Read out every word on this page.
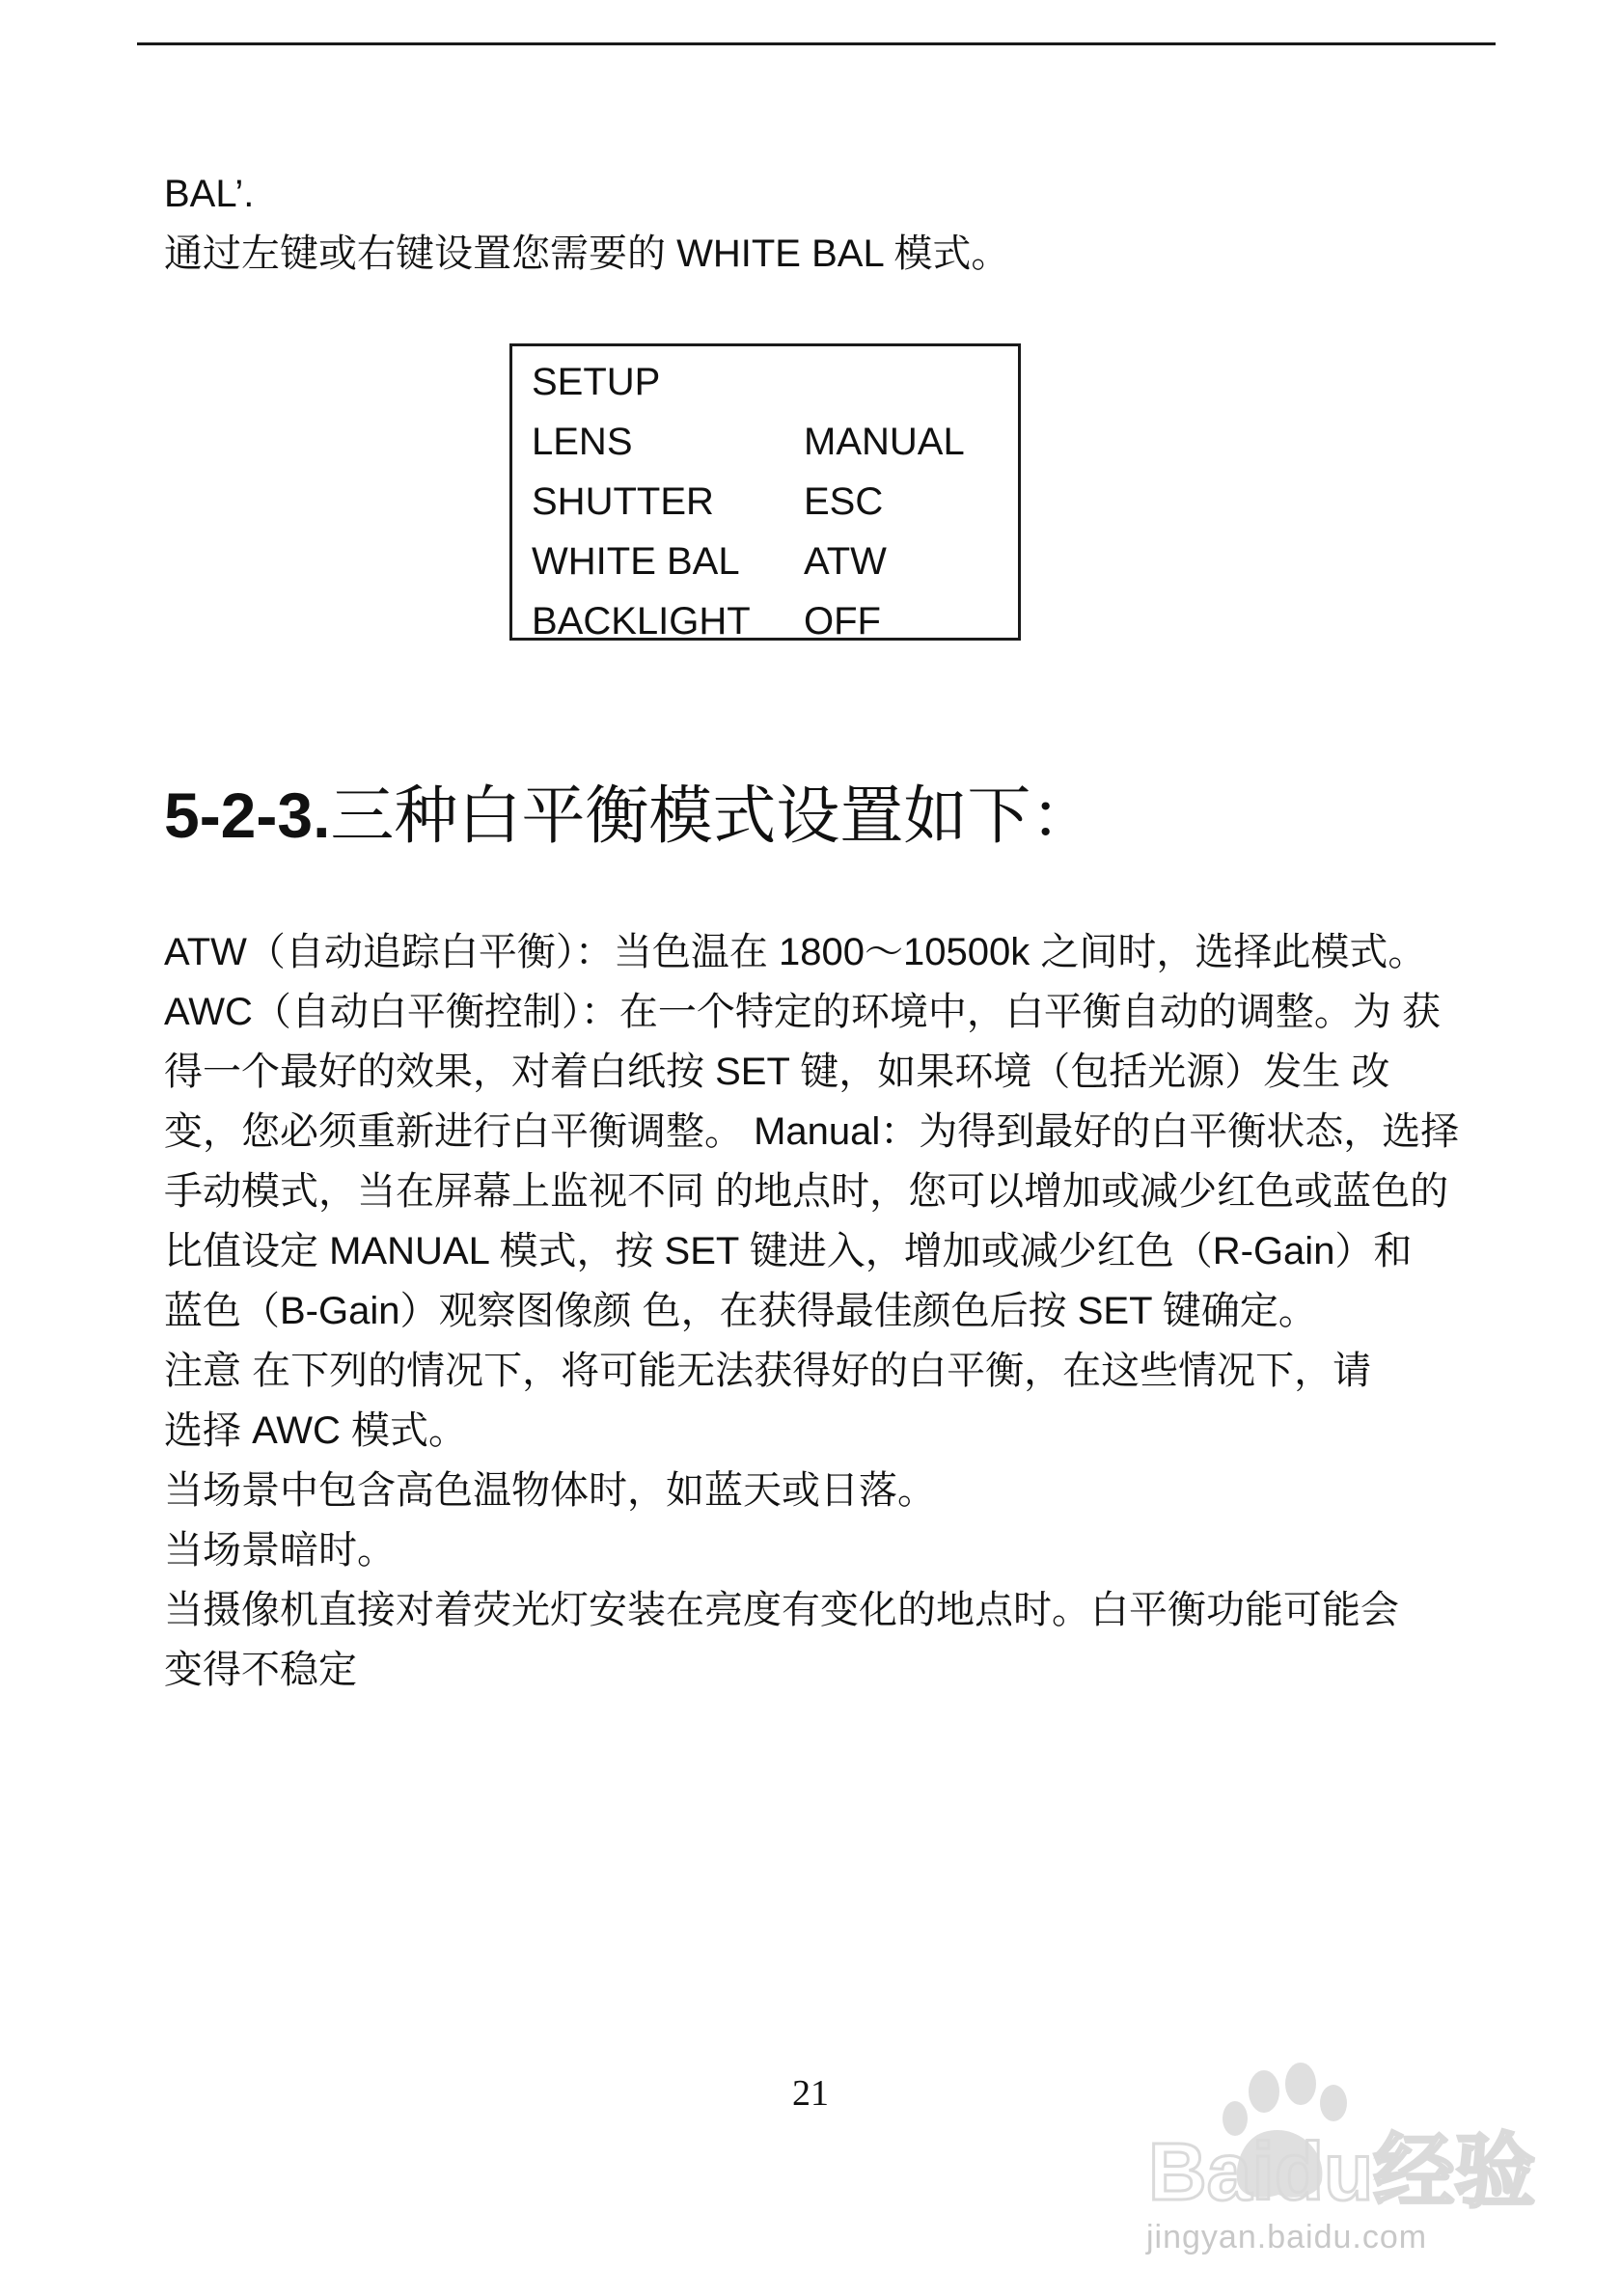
BAL’.

通过左键或右键设置您需要的 WHITE BAL 模式。

SETUP
LENS	MANUAL
SHUTTER ESC
WHITE BAL ATW
BACKLIGHT OFF
5-2-3.三种白平衡模式设置如下：

ATW（自动追踪白平衡）：当色温在 1800～10500k 之间时，选择此模式。

AWC（自动白平衡控制）：在一个特定的环境中，白平衡自动的调整。为 获

得一个最好的效果，对着白纸按 SET 键，如果环境（包括光源）发生 改

变，您必须重新进行白平衡调整。 Manual：为得到最好的白平衡状态，选择

手动模式，当在屏幕上监视不同 的地点时，您可以增加或减少红色或蓝色的

比值设定 MANUAL 模式，按 SET 键进入，增加或减少红色（R-Gain）和

蓝色（B-Gain）观察图像颜 色，在获得最佳颜色后按 SET 键确定。

注意 在下列的情况下，将可能无法获得好的白平衡，在这些情况下，请

选择 AWC 模式。

当场景中包含高色温物体时，如蓝天或日落。

当场景暗时。

当摄像机直接对着荧光灯安装在亮度有变化的地点时。白平衡功能可能会

变得不稳定

21
Baidu经验
jingyan.baidu.com
